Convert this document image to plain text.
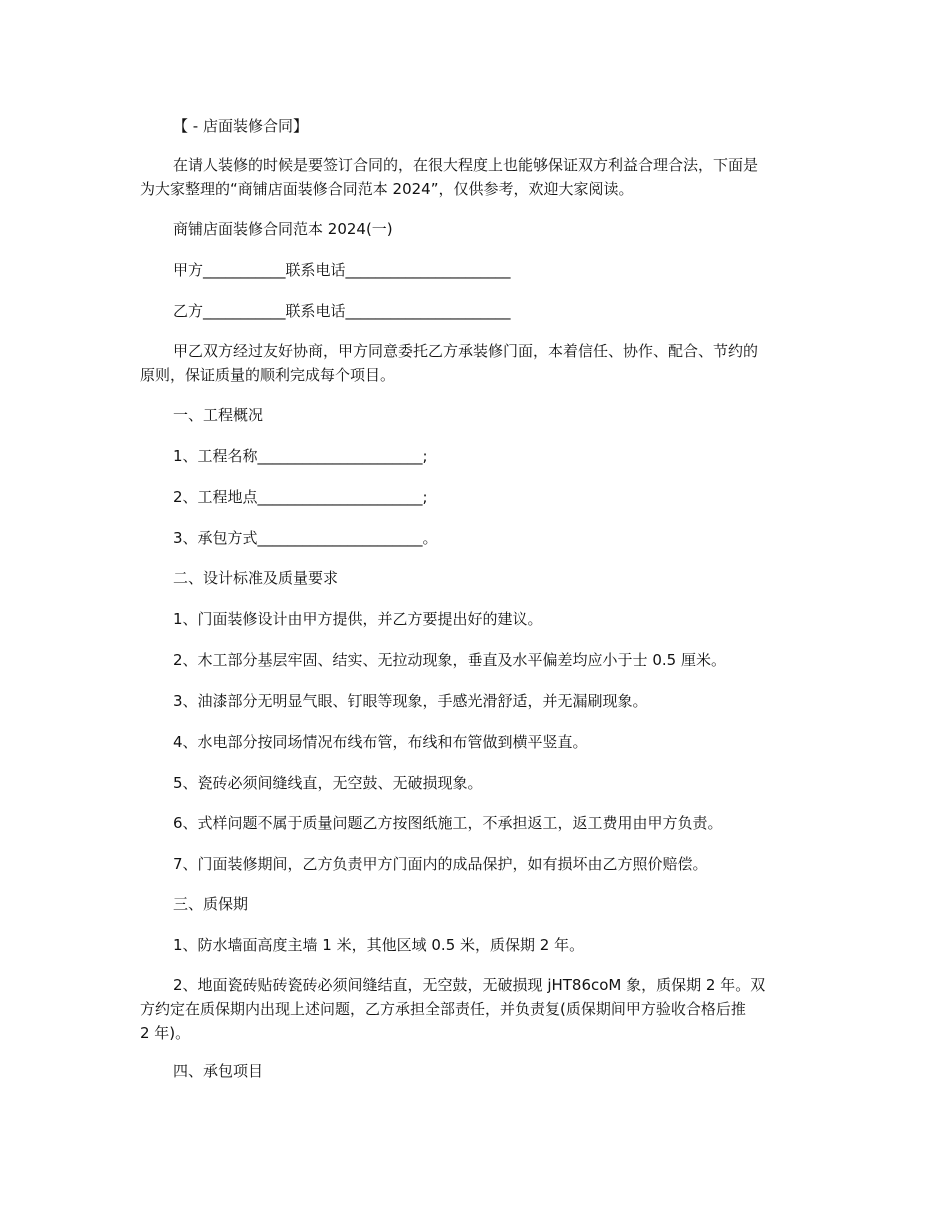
【 - 店面装修合同】
在请人装修的时候是要签订合同的，在很大程度上也能够保证双方利益合理合法，下面是
为大家整理的“商铺店面装修合同范本 2024”，仅供参考，欢迎大家阅读。
商铺店面装修合同范本 2024(一)
甲方___________联系电话______________________
乙方___________联系电话______________________
甲乙双方经过友好协商，甲方同意委托乙方承装修门面，本着信任、协作、配合、节约的
原则，保证质量的顺利完成每个项目。
一、工程概况
1、工程名称______________________;
2、工程地点______________________;
3、承包方式______________________。
二、设计标准及质量要求
1、门面装修设计由甲方提供，并乙方要提出好的建议。
2、木工部分基层牢固、结实、无拉动现象，垂直及水平偏差均应小于士 0.5 厘米。
3、油漆部分无明显气眼、钉眼等现象，手感光滑舒适，并无漏刷现象。
4、水电部分按同场情况布线布管，布线和布管做到横平竖直。
5、瓷砖必须间缝线直，无空鼓、无破损现象。
6、式样问题不属于质量问题乙方按图纸施工，不承担返工，返工费用由甲方负责。
7、门面装修期间，乙方负责甲方门面内的成品保护，如有损坏由乙方照价赔偿。
三、质保期
1、防水墙面高度主墙 1 米，其他区域 0.5 米，质保期 2 年。
2、地面瓷砖贴砖瓷砖必须间缝结直，无空鼓，无破损现 jHT86coM 象，质保期 2 年。双
方约定在质保期内出现上述问题，乙方承担全部责任，并负责复(质保期间甲方验收合格后推
2 年)。
四、承包项目
